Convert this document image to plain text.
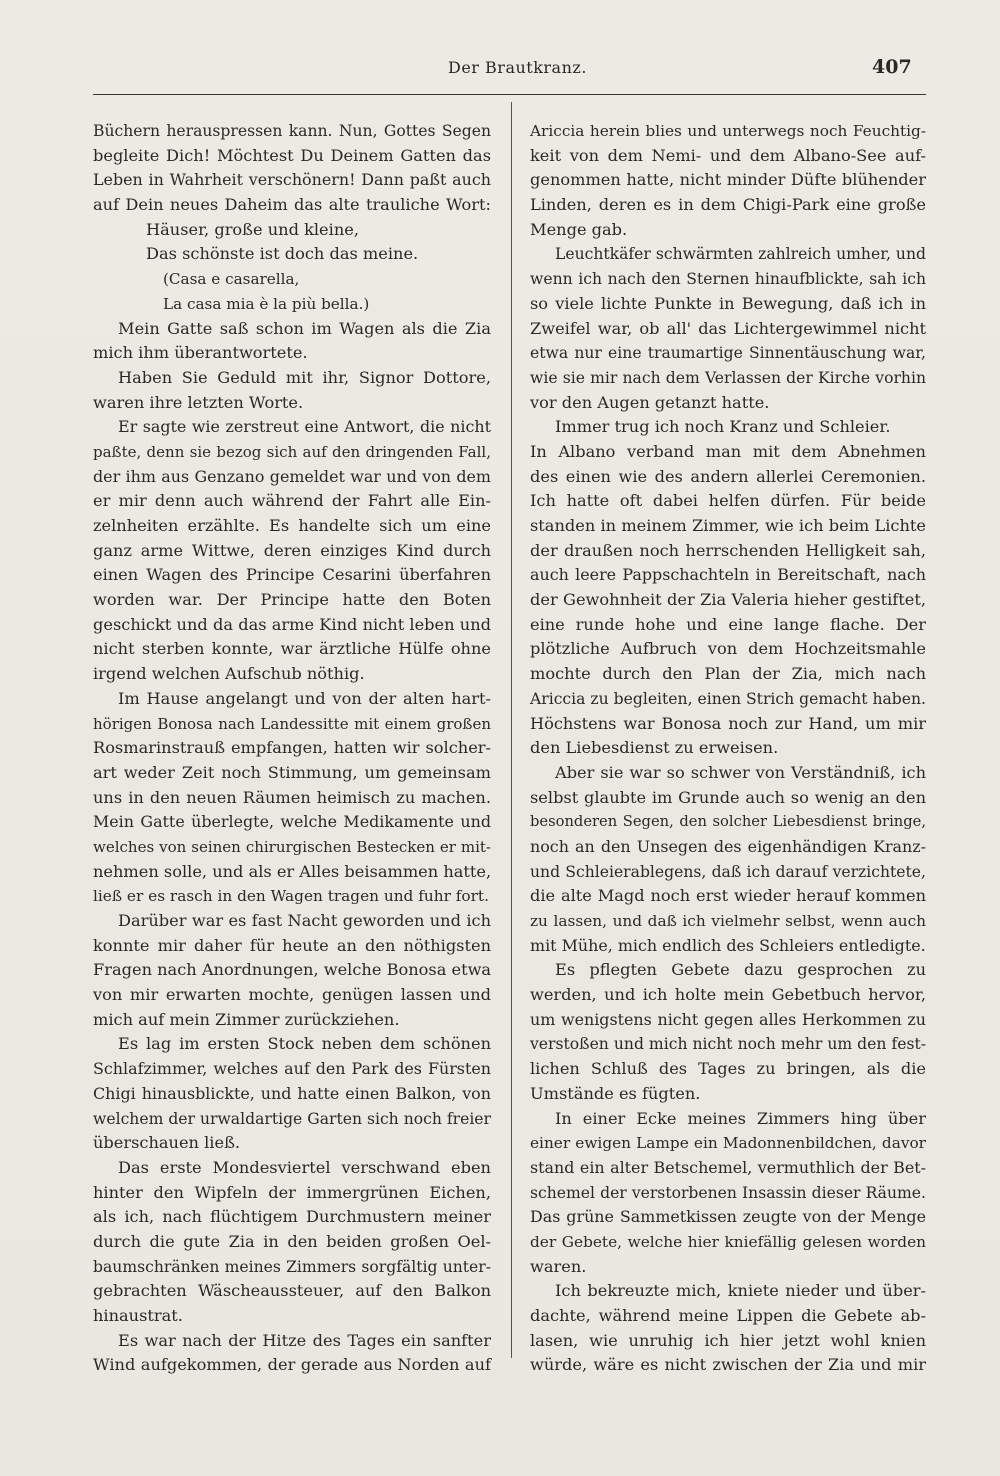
Der Brautkranz.	407
Büchern herauspressen kann. Nun, Gottes Segen
begleite Dich! Möchtest Du Deinem Gatten das
Leben in Wahrheit verschönern! Dann paßt auch
auf Dein neues Daheim das alte trauliche Wort:
Häuser, große und kleine,
Das schönste ist doch das meine.
(Casa e casarella,
La casa mia è la più bella.)
Mein Gatte saß schon im Wagen als die Zia
mich ihm überantwortete.
Haben Sie Geduld mit ihr, Signor Dottore,
waren ihre letzten Worte.
Er sagte wie zerstreut eine Antwort, die nicht
paßte, denn sie bezog sich auf den dringenden Fall,
der ihm aus Genzano gemeldet war und von dem
er mir denn auch während der Fahrt alle Ein-
zelnheiten erzählte. Es handelte sich um eine
ganz arme Wittwe, deren einziges Kind durch
einen Wagen des Principe Cesarini überfahren
worden war. Der Principe hatte den Boten
geschickt und da das arme Kind nicht leben und
nicht sterben konnte, war ärztliche Hülfe ohne
irgend welchen Aufschub nöthig.
Im Hause angelangt und von der alten hart-
hörigen Bonosa nach Landessitte mit einem großen
Rosmarinstrauß empfangen, hatten wir solcher-
art weder Zeit noch Stimmung, um gemeinsam
uns in den neuen Räumen heimisch zu machen.
Mein Gatte überlegte, welche Medikamente und
welches von seinen chirurgischen Bestecken er mit-
nehmen solle, und als er Alles beisammen hatte,
ließ er es rasch in den Wagen tragen und fuhr fort.
Darüber war es fast Nacht geworden und ich
konnte mir daher für heute an den nöthigsten
Fragen nach Anordnungen, welche Bonosa etwa
von mir erwarten mochte, genügen lassen und
mich auf mein Zimmer zurückziehen.
Es lag im ersten Stock neben dem schönen
Schlafzimmer, welches auf den Park des Fürsten
Chigi hinausblickte, und hatte einen Balkon, von
welchem der urwaldartige Garten sich noch freier
überschauen ließ.
Das erste Mondesviertel verschwand eben
hinter den Wipfeln der immergrünen Eichen,
als ich, nach flüchtigem Durchmustern meiner
durch die gute Zia in den beiden großen Oel-
baumschränken meines Zimmers sorgfältig unter-
gebrachten Wäscheaussteuer, auf den Balkon
hinaustrat.
Es war nach der Hitze des Tages ein sanfter
Wind aufgekommen, der gerade aus Norden auf
Ariccia herein blies und unterwegs noch Feuchtig-
keit von dem Nemi- und dem Albano-See auf-
genommen hatte, nicht minder Düfte blühender
Linden, deren es in dem Chigi-Park eine große
Menge gab.
Leuchtkäfer schwärmten zahlreich umher, und
wenn ich nach den Sternen hinaufblickte, sah ich
so viele lichte Punkte in Bewegung, daß ich in
Zweifel war, ob all' das Lichtergewimmel nicht
etwa nur eine traumartige Sinnentäuschung war,
wie sie mir nach dem Verlassen der Kirche vorhin
vor den Augen getanzt hatte.
Immer trug ich noch Kranz und Schleier.
In Albano verband man mit dem Abnehmen
des einen wie des andern allerlei Ceremonien.
Ich hatte oft dabei helfen dürfen. Für beide
standen in meinem Zimmer, wie ich beim Lichte
der draußen noch herrschenden Helligkeit sah,
auch leere Pappschachteln in Bereitschaft, nach
der Gewohnheit der Zia Valeria hieher gestiftet,
eine runde hohe und eine lange flache. Der
plötzliche Aufbruch von dem Hochzeitsmahle
mochte durch den Plan der Zia, mich nach
Ariccia zu begleiten, einen Strich gemacht haben.
Höchstens war Bonosa noch zur Hand, um mir
den Liebesdienst zu erweisen.
Aber sie war so schwer von Verständniß, ich
selbst glaubte im Grunde auch so wenig an den
besonderen Segen, den solcher Liebesdienst bringe,
noch an den Unsegen des eigenhändigen Kranz-
und Schleierablegens, daß ich darauf verzichtete,
die alte Magd noch erst wieder herauf kommen
zu lassen, und daß ich vielmehr selbst, wenn auch
mit Mühe, mich endlich des Schleiers entledigte.
Es pflegten Gebete dazu gesprochen zu
werden, und ich holte mein Gebetbuch hervor,
um wenigstens nicht gegen alles Herkommen zu
verstoßen und mich nicht noch mehr um den fest-
lichen Schluß des Tages zu bringen, als die
Umstände es fügten.
In einer Ecke meines Zimmers hing über
einer ewigen Lampe ein Madonnenbildchen, davor
stand ein alter Betschemel, vermuthlich der Bet-
schemel der verstorbenen Insassin dieser Räume.
Das grüne Sammetkissen zeugte von der Menge
der Gebete, welche hier kniefällig gelesen worden
waren.
Ich bekreuzte mich, kniete nieder und über-
dachte, während meine Lippen die Gebete ab-
lasen, wie unruhig ich hier jetzt wohl knien
würde, wäre es nicht zwischen der Zia und mir
